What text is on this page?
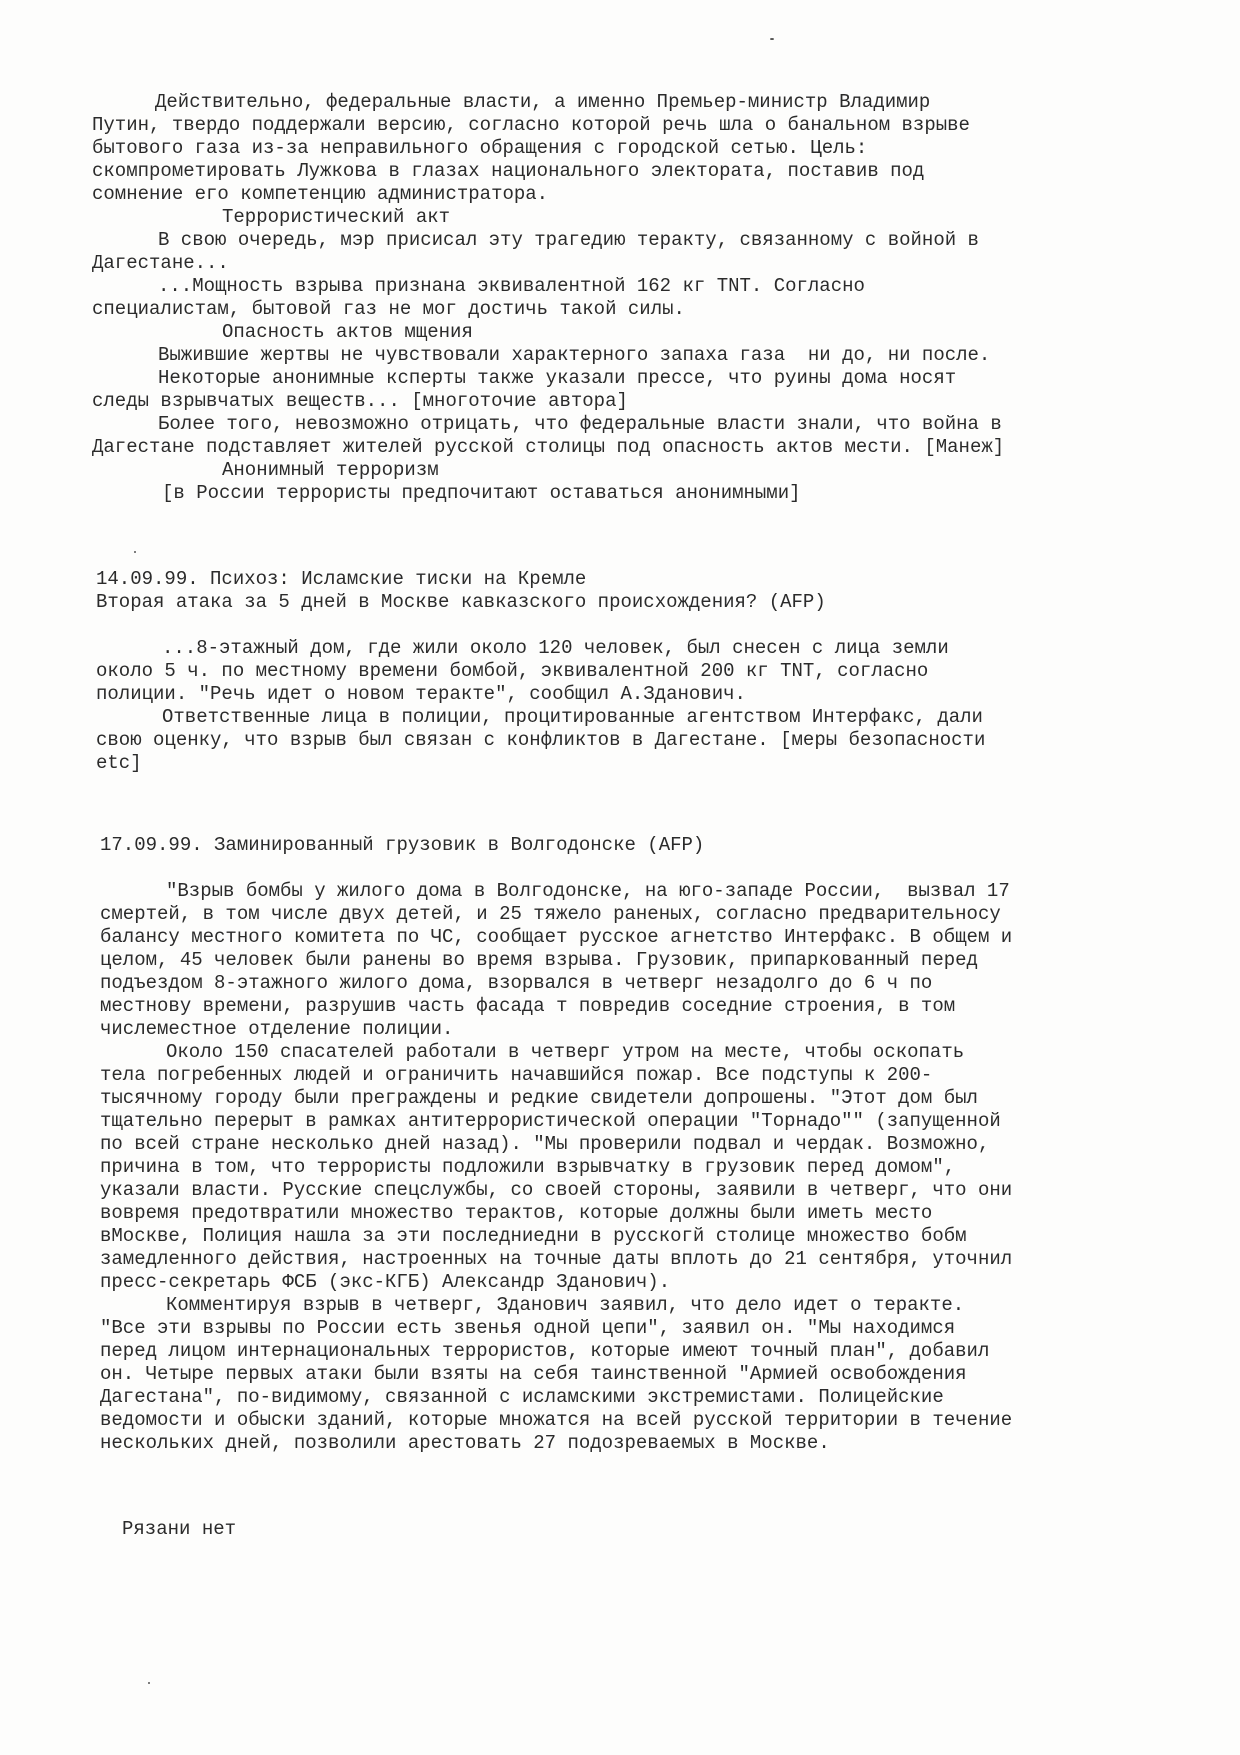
Действительно, федеральные власти, а именно Премьер-министр Владимир
Путин, твердо поддержали версию, согласно которой речь шла о банальном взрыве
бытового газа из-за неправильного обращения с городской сетью. Цель:
скомпрометировать Лужкова в глазах национального электората, поставив под
сомнение его компетенцию администратора.
Террористический акт
В свою очередь, мэр присисал эту трагедию теракту, связанному с войной в
Дагестане...
...Мощность взрыва признана эквивалентной 162 кг TNT. Согласно
специалистам, бытовой газ не мог достичь такой силы.
Опасность актов мщения
Выжившие жертвы не чувствовали характерного запаха газа  ни до, ни после.
Некоторые анонимные ксперты также указали прессе, что руины дома носят
следы взрывчатых веществ... [многоточие автора]
Более того, невозможно отрицать, что федеральные власти знали, что война в
Дагестане подставляет жителей русской столицы под опасность актов мести. [Манеж]
Анонимный терроризм
[в России террористы предпочитают оставаться анонимными]
14.09.99. Психоз: Исламские тиски на Кремле
Вторая атака за 5 дней в Москве кавказского происхождения? (AFP)
...8-этажный дом, где жили около 120 человек, был снесен с лица земли
около 5 ч. по местному времени бомбой, эквивалентной 200 кг TNT, согласно
полиции. "Речь идет о новом теракте", сообщил А.Зданович.
Ответственные лица в полиции, процитированные агентством Интерфакс, дали
свою оценку, что взрыв был связан с конфликтов в Дагестане. [меры безопасности
etc]
17.09.99. Заминированный грузовик в Волгодонске (AFP)
"Взрыв бомбы у жилого дома в Волгодонске, на юго-западе России,  вызвал 17
смертей, в том числе двух детей, и 25 тяжело раненых, согласно предварительносу
балансу местного комитета по ЧС, сообщает русское агнетство Интерфакс. В общем и
целом, 45 человек были ранены во время взрыва. Грузовик, припаркованный перед
подъездом 8-этажного жилого дома, взорвался в четверг незадолго до 6 ч по
местнову времени, разрушив часть фасада т повредив соседние строения, в том
числеместное отделение полиции.
Около 150 спасателей работали в четверг утром на месте, чтобы оскопать
тела погребенных людей и ограничить начавшийся пожар. Все подступы к 200-
тысячному городу были преграждены и редкие свидетели допрошены. "Этот дом был
тщательно перерыт в рамках антитеррористической операции "Торнадо"" (запущенной
по всей стране несколько дней назад). "Мы проверили подвал и чердак. Возможно,
причина в том, что террористы подложили взрывчатку в грузовик перед домом",
указали власти. Русские спецслужбы, со своей стороны, заявили в четверг, что они
вовремя предотвратили множество терактов, которые должны были иметь место
вМоскве, Полиция нашла за эти последниедни в русскогй столице множество бобм
замедленного действия, настроенных на точные даты вплоть до 21 сентября, уточнил
пресс-секретарь ФСБ (экс-КГБ) Александр Зданович).
Комментируя взрыв в четверг, Зданович заявил, что дело идет о теракте.
"Все эти взрывы по России есть звенья одной цепи", заявил он. "Мы находимся
перед лицом интернациональных террористов, которые имеют точный план", добавил
он. Четыре первых атаки были взяты на себя таинственной "Армией освобождения
Дагестана", по-видимому, связанной с исламскими экстремистами. Полицейские
ведомости и обыски зданий, которые множатся на всей русской территории в течение
нескольких дней, позволили арестовать 27 подозреваемых в Москве.
Рязани нет
